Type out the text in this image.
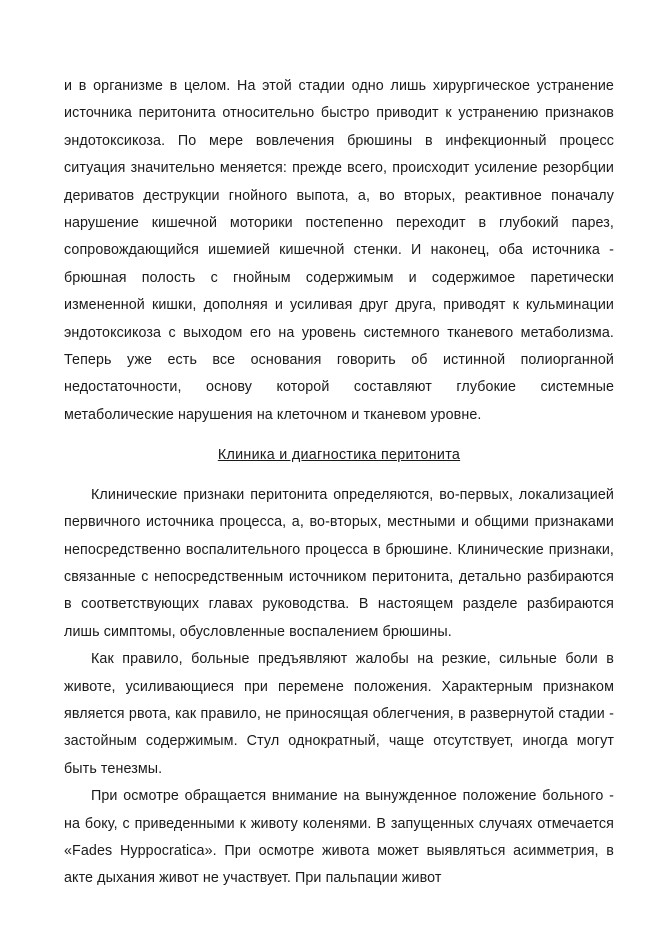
и в организме в целом. На этой стадии одно лишь хирургическое устранение источника перитонита относительно быстро приводит к устранению признаков эндотоксикоза. По мере вовлечения брюшины в инфекционный процесс ситуация значительно меняется: прежде всего, происходит усиление резорбции дериватов деструкции гнойного выпота, а, во вторых, реактивное поначалу нарушение кишечной моторики постепенно переходит в глубокий парез, сопровождающийся ишемией кишечной стенки. И наконец, оба источника - брюшная полость с гнойным содержимым и содержимое паретически измененной кишки, дополняя и усиливая друг друга, приводят к кульминации эндотоксикоза с выходом его на уровень системного тканевого метаболизма. Теперь уже есть все основания говорить об истинной полиорганной недостаточности, основу которой составляют глубокие системные метаболические нарушения на клеточном и тканевом уровне.

Клиника и диагностика перитонита

Клинические признаки перитонита определяются, во-первых, локализацией первичного источника процесса, а, во-вторых, местными и общими признаками непосредственно воспалительного процесса в брюшине. Клинические признаки, связанные с непосредственным источником перитонита, детально разбираются в соответствующих главах руководства. В настоящем разделе разбираются лишь симптомы, обусловленные воспалением брюшины.

Как правило, больные предъявляют жалобы на резкие, сильные боли в животе, усиливающиеся при перемене положения. Характерным признаком является рвота, как правило, не приносящая облегчения, в развернутой стадии - застойным содержимым. Стул однократный, чаще отсутствует, иногда могут быть тенезмы.

При осмотре обращается внимание на вынужденное положение больного - на боку, с приведенными к животу коленями. В запущенных случаях отмечается «Fades Hyppocratica». При осмотре живота может выявляться асимметрия, в акте дыхания живот не участвует. При пальпации живот
